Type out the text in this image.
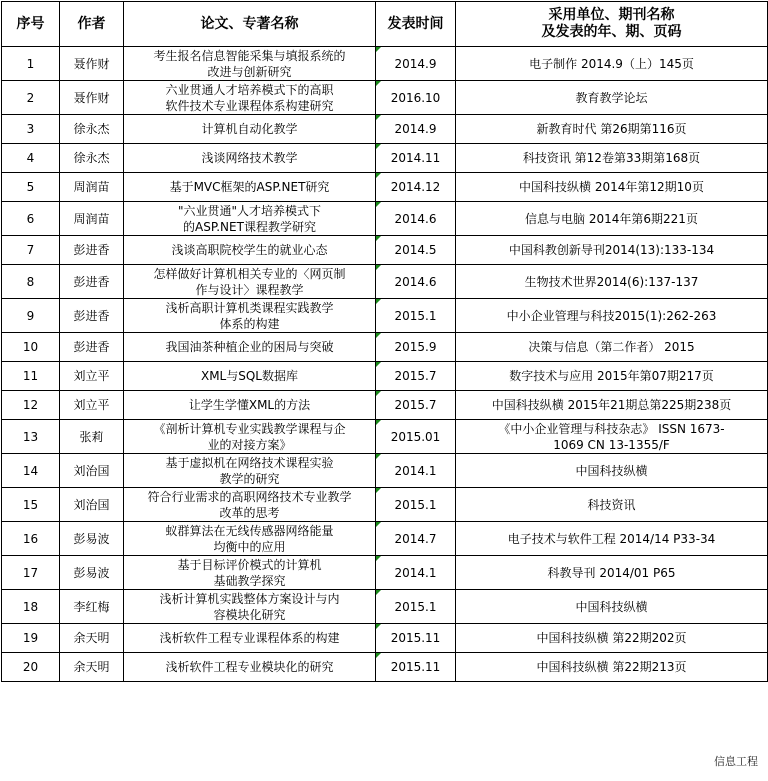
序号	作者	论文、专著名称	发表时间	采用单位、期刊名称
及发表的年、期、页码
1	聂作财	考生报名信息智能采集与填报系统的
改进与创新研究	2014.9	电子制作 2014.9（上）145页
2	聂作财	六业贯通人才培养模式下的高职
软件技术专业课程体系构建研究	2016.10	教育教学论坛
3	徐永杰	计算机自动化教学	2014.9	新教育时代 第26期第116页
4	徐永杰	浅谈网络技术教学	2014.11	科技资讯 第12卷第33期第168页
5	周润苗	基于MVC框架的ASP.NET研究	2014.12	中国科技纵横 2014年第12期10页
6	周润苗	"六业贯通"人才培养模式下
的ASP.NET课程教学研究	2014.6	信息与电脑 2014年第6期221页
7	彭进香	浅谈高职院校学生的就业心态	2014.5	中国科教创新导刊2014(13):133-134
8	彭进香	怎样做好计算机相关专业的〈网页制
作与设计〉课程教学	2014.6	生物技术世界2014(6):137-137
9	彭进香	浅析高职计算机类课程实践教学
体系的构建	2015.1	中小企业管理与科技2015(1):262-263
10	彭进香	我国油茶种植企业的困局与突破	2015.9	决策与信息（第二作者） 2015
11	刘立平	XML与SQL数据库	2015.7	数字技术与应用 2015年第07期217页
12	刘立平	让学生学懂XML的方法	2015.7	中国科技纵横 2015年21期总第225期238页
13	张莉	《剖析计算机专业实践教学课程与企
业的对接方案》	2015.01	《中小企业管理与科技杂志》 ISSN 1673-
1069 CN 13-1355/F
14	刘治国	基于虚拟机在网络技术课程实验
教学的研究	2014.1	中国科技纵横
15	刘治国	符合行业需求的高职网络技术专业教学
改革的思考	2015.1	科技资讯
16	彭易波	蚁群算法在无线传感器网络能量
均衡中的应用	2014.7	电子技术与软件工程 2014/14 P33-34
17	彭易波	基于目标评价模式的计算机
基础教学探究	2014.1	科教导刊 2014/01 P65
18	李红梅	浅析计算机实践整体方案设计与内
容模块化研究	2015.1	中国科技纵横
19	余天明	浅析软件工程专业课程体系的构建	2015.11	中国科技纵横 第22期202页
20	余天明	浅析软件工程专业模块化的研究	2015.11	中国科技纵横 第22期213页
信息工程
